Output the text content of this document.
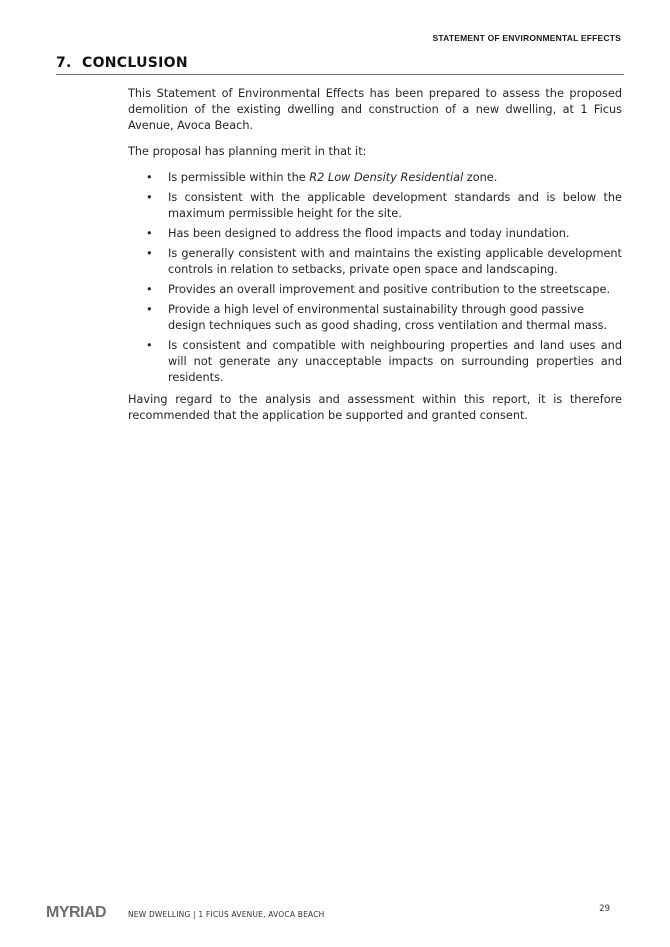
STATEMENT OF ENVIRONMENTAL EFFECTS
7.  CONCLUSION

This Statement of Environmental Effects has been prepared to assess the proposed demolition of the existing dwelling and construction of a new dwelling, at 1 Ficus Avenue, Avoca Beach.

The proposal has planning merit in that it:

• Is permissible within the R2 Low Density Residential zone.
• Is consistent with the applicable development standards and is below the maximum permissible height for the site.
• Has been designed to address the flood impacts and today inundation.
• Is generally consistent with and maintains the existing applicable development controls in relation to setbacks, private open space and landscaping.
• Provides an overall improvement and positive contribution to the streetscape.
• Provide a high level of environmental sustainability through good passive design techniques such as good shading, cross ventilation and thermal mass.
• Is consistent and compatible with neighbouring properties and land uses and will not generate any unacceptable impacts on surrounding properties and residents.

Having regard to the analysis and assessment within this report, it is therefore recommended that the application be supported and granted consent.

MYRIAD	NEW DWELLING | 1 FICUS AVENUE, AVOCA BEACH
29
